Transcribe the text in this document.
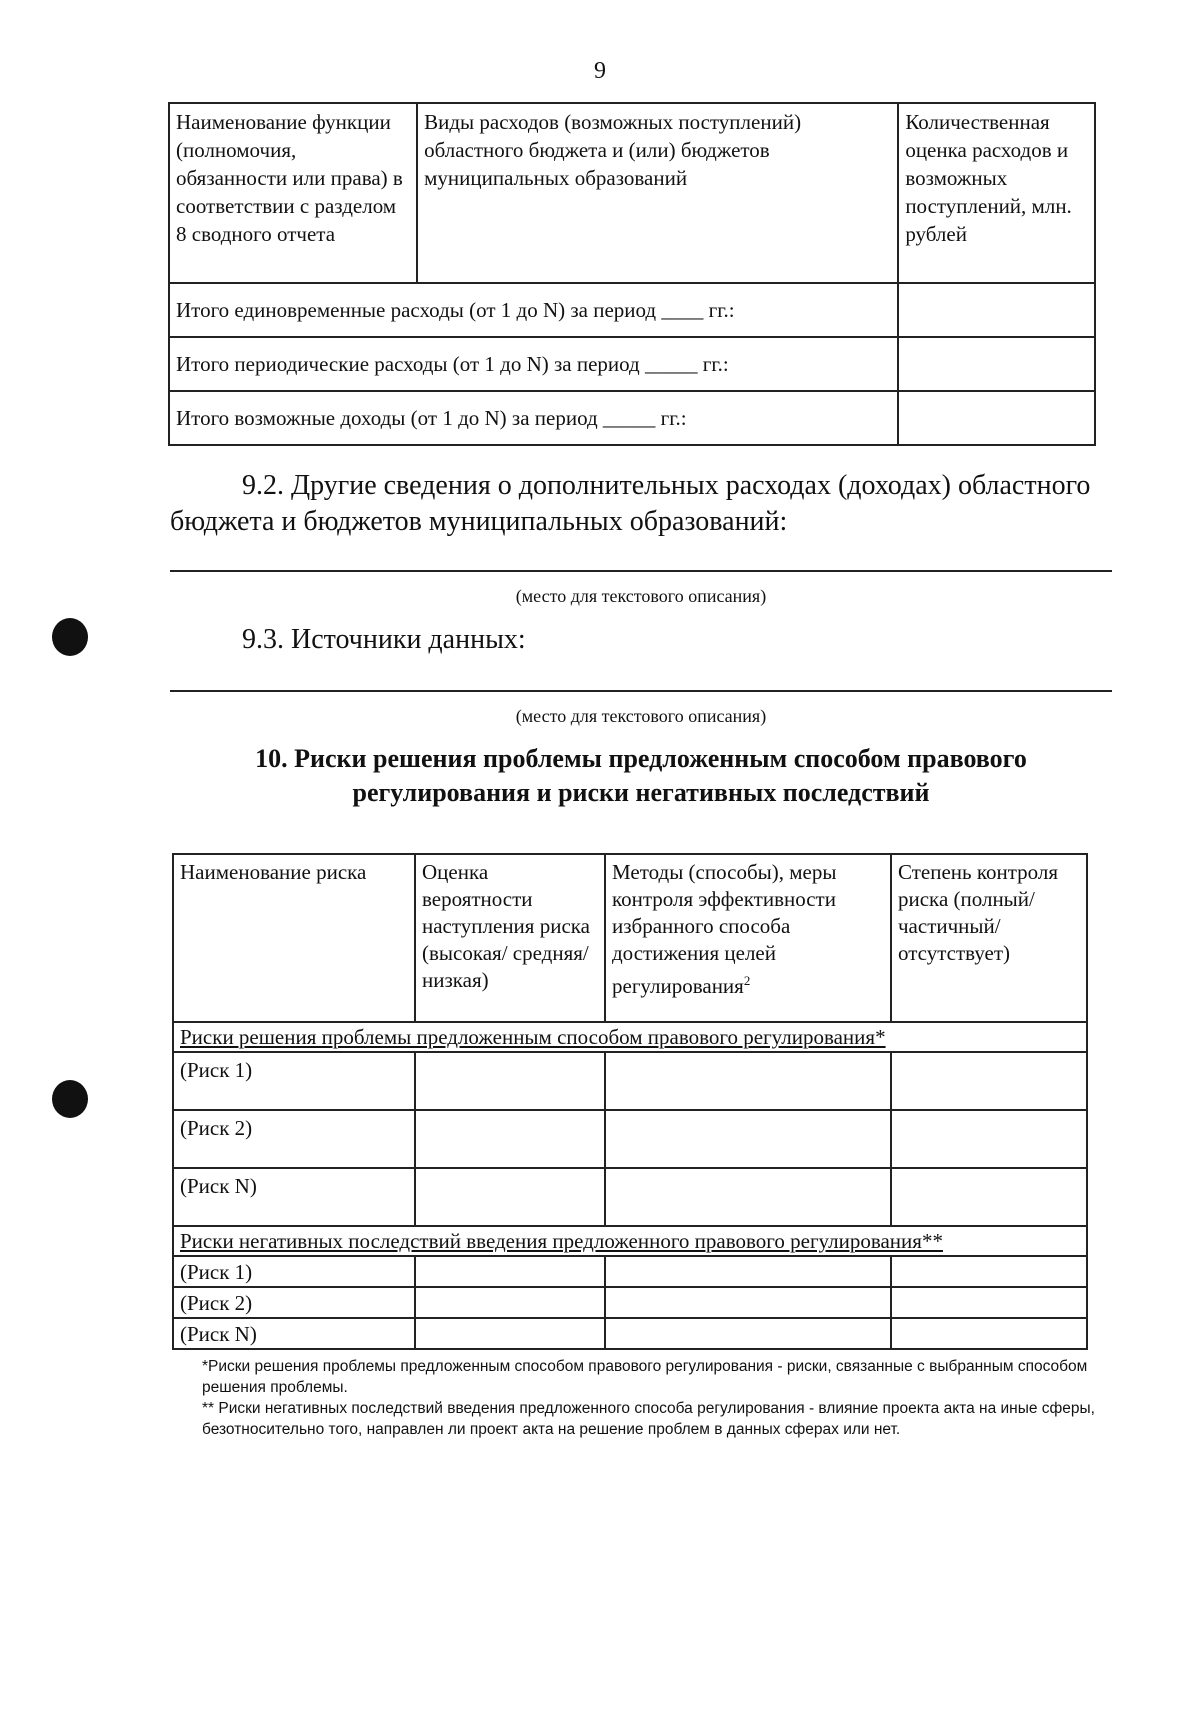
9
Наименование функции (полномочия, обязанности или права) в соответствии с разделом 8 сводного отчета	Виды расходов (возможных поступлений) областного бюджета и (или) бюджетов муниципальных образований	Количественная оценка расходов и возможных поступлений, млн. рублей
Итого единовременные расходы (от 1 до N) за период ____ гг.:		
Итого периодические расходы (от 1 до N) за период _____ гг.:		
Итого возможные доходы (от 1 до N) за период _____ гг.:		
9.2. Другие сведения о дополнительных расходах (доходах) областного бюджета и бюджетов муниципальных образований:
(место для текстового описания)
9.3. Источники данных:
(место для текстового описания)
10. Риски решения проблемы предложенным способом правового
регулирования и риски негативных последствий
Наименование риска	Оценка вероятности наступления риска (высокая/ средняя/ низкая)	Методы (способы), меры контроля эффективности избранного способа достижения целей регулирования$^2$	Степень контроля риска (полный/ частичный/ отсутствует)
Риски решения проблемы предложенным способом правового регулирования*			
(Риск 1)			
(Риск 2)			
(Риск N)			
Риски негативных последствий введения предложенного правового регулирования**			
(Риск 1)			
(Риск 2)			
(Риск N)			
*Риски решения проблемы предложенным способом правового регулирования - риски, связанные с выбранным способом решения проблемы.
** Риски негативных последствий введения предложенного способа регулирования - влияние проекта акта на иные сферы, безотносительно того, направлен ли проект акта на решение проблем в данных сферах или нет.
